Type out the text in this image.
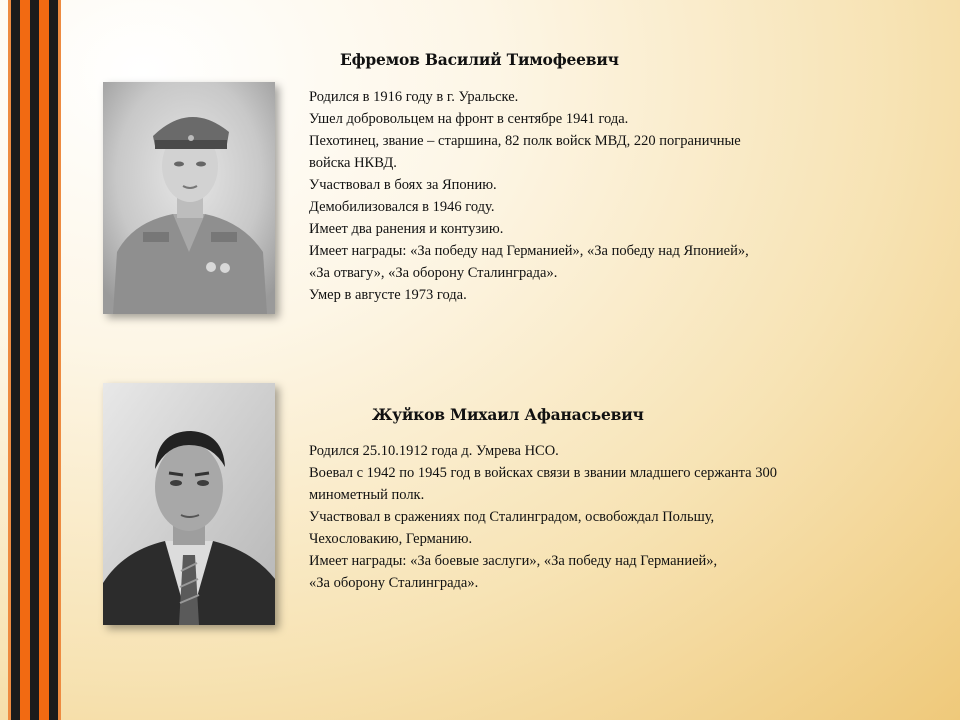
Ефремов Василий Тимофеевич
Родился в 1916 году в г. Уральске.
Ушел добровольцем на фронт в сентябре 1941 года.
Пехотинец, звание – старшина, 82 полк войск МВД, 220 пограничные
войска НКВД.
Участвовал в боях за Японию.
Демобилизовался в 1946 году.
Имеет два ранения и контузию.
Имеет награды: «За победу над Германией», «За победу над Японией»,
«За отвагу», «За оборону Сталинграда».
Умер в августе 1973 года.
Жуйков Михаил Афанасьевич
Родился 25.10.1912 года д. Умрева НСО.
Воевал с 1942 по 1945 год в войсках связи в звании младшего сержанта 300
минометный полк.
Участвовал в сражениях под Сталинградом, освобождал Польшу,
Чехословакию, Германию.
Имеет награды: «За боевые заслуги», «За победу над Германией»,
«За оборону Сталинграда».
